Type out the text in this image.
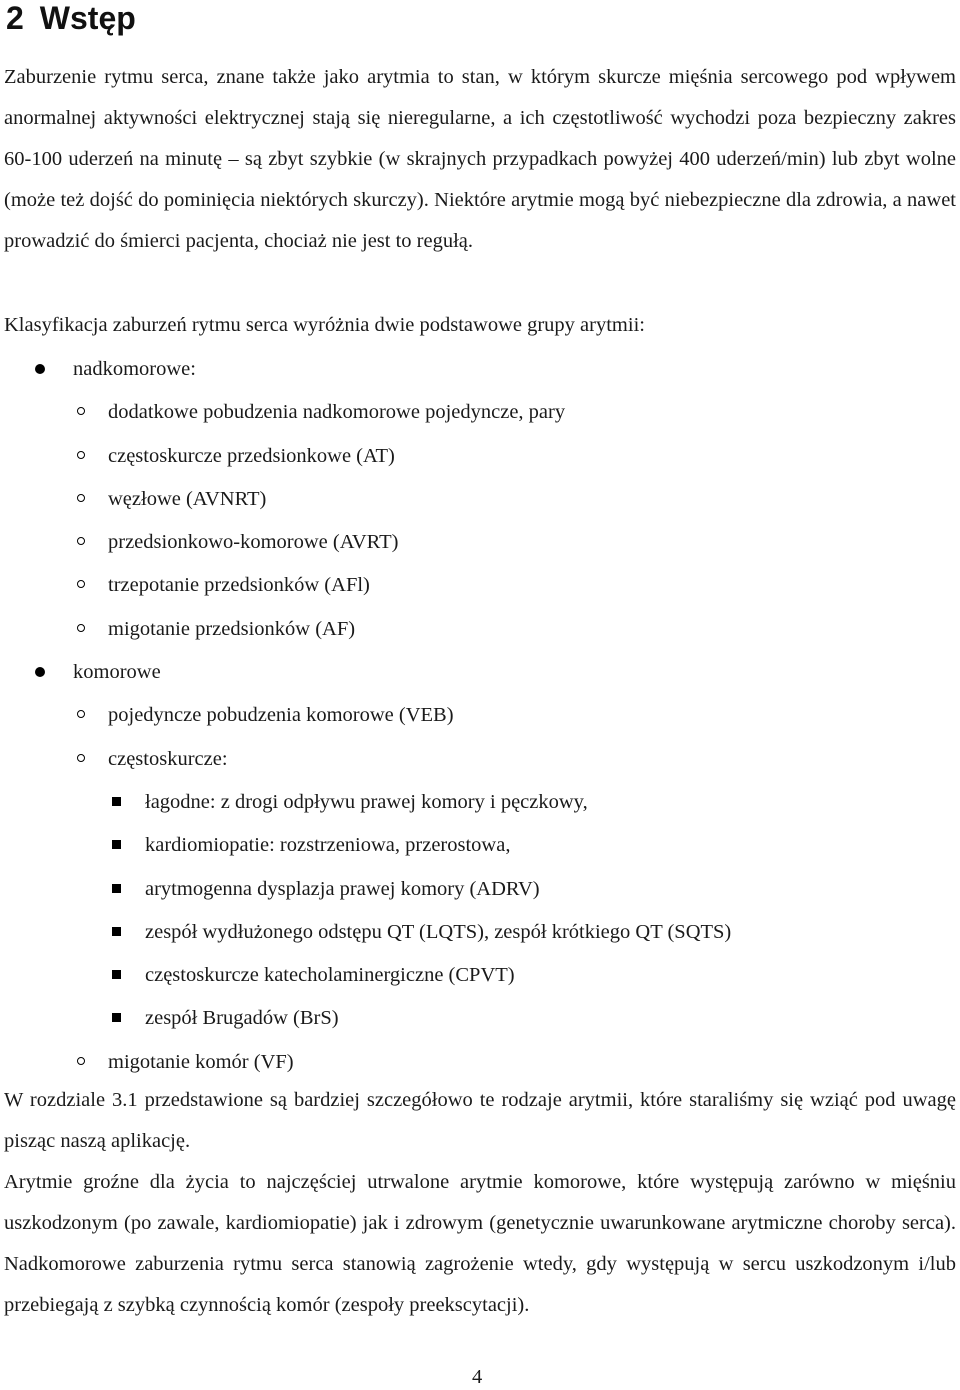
2 Wstęp

Zaburzenie rytmu serca, znane także jako arytmia to stan, w którym skurcze mięśnia sercowego pod wpływem anormalnej aktywności elektrycznej stają się nieregularne, a ich częstotliwość wychodzi poza bezpieczny zakres 60-100 uderzeń na minutę – są zbyt szybkie (w skrajnych przypadkach powyżej 400 uderzeń/min) lub zbyt wolne (może też dojść do pominięcia niektórych skurczy). Niektóre arytmie mogą być niebezpieczne dla zdrowia, a nawet prowadzić do śmierci pacjenta, chociaż nie jest to regułą.

Klasyfikacja zaburzeń rytmu serca wyróżnia dwie podstawowe grupy arytmii:

nadkomorowe:
dodatkowe pobudzenia nadkomorowe pojedyncze, pary
częstoskurcze przedsionkowe (AT)
węzłowe (AVNRT)
przedsionkowo-komorowe (AVRT)
trzepotanie przedsionków (AFl)
migotanie przedsionków (AF)
komorowe
pojedyncze pobudzenia komorowe (VEB)
częstoskurcze:
łagodne: z drogi odpływu prawej komory i pęczkowy,
kardiomiopatie: rozstrzeniowa, przerostowa,
arytmogenna dysplazja prawej komory (ADRV)
zespół wydłużonego odstępu QT (LQTS), zespół krótkiego QT (SQTS)
częstoskurcze katecholaminergiczne (CPVT)
zespół Brugadów (BrS)
migotanie komór (VF)

W rozdziale 3.1 przedstawione są bardziej szczegółowo te rodzaje arytmii, które staraliśmy się wziąć pod uwagę pisząc naszą aplikację.

Arytmie groźne dla życia to najczęściej utrwalone arytmie komorowe, które występują zarówno w mięśniu uszkodzonym (po zawale, kardiomiopatie) jak i zdrowym (genetycznie uwarunkowane arytmiczne choroby serca). Nadkomorowe zaburzenia rytmu serca stanowią zagrożenie wtedy, gdy występują w sercu uszkodzonym i/lub przebiegają z szybką czynnością komór (zespoły preekscytacji).

4
